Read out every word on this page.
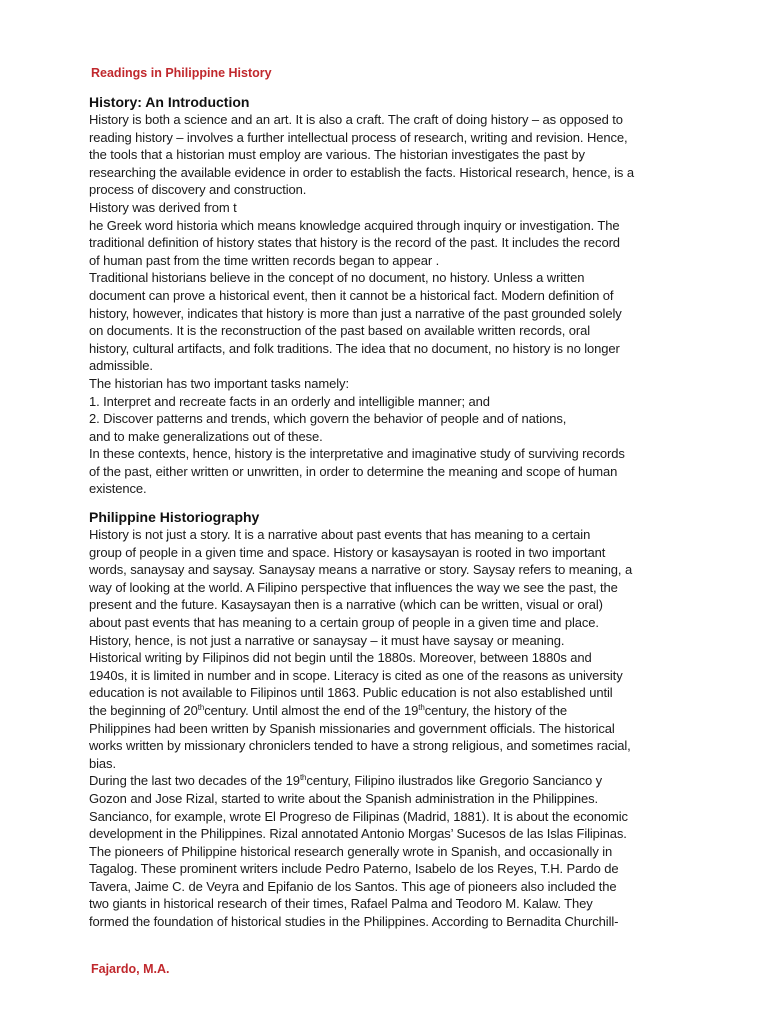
Readings in Philippine History
History: An Introduction
History is both a science and an art. It is also a craft. The craft of doing history – as opposed to
reading history – involves a further intellectual process of research, writing and revision. Hence,
the tools that a historian must employ are various. The historian investigates the past by
researching the available evidence in order to establish the facts. Historical research, hence, is a
process of discovery and construction.
History was derived from t
he Greek word historia which means knowledge acquired through inquiry or investigation. The
traditional definition of history states that history is the record of the past. It includes the record
of human past from the time written records began to appear .
Traditional historians believe in the concept of no document, no history. Unless a written
document can prove a historical event, then it cannot be a historical fact. Modern definition of
history, however, indicates that history is more than just a narrative of the past grounded solely
on documents. It is the reconstruction of the past based on available written records, oral
history, cultural artifacts, and folk traditions. The idea that no document, no history is no longer
admissible.
The historian has two important tasks namely:
1. Interpret and recreate facts in an orderly and intelligible manner; and
2. Discover patterns and trends, which govern the behavior of people and of nations,
and to make generalizations out of these.
In these contexts, hence, history is the interpretative and imaginative study of surviving records
of the past, either written or unwritten, in order to determine the meaning and scope of human
existence.
Philippine Historiography
History is not just a story. It is a narrative about past events that has meaning to a certain
group of people in a given time and space. History or kasaysayan is rooted in two important
words, sanaysay and saysay. Sanaysay means a narrative or story. Saysay refers to meaning, a
way of looking at the world. A Filipino perspective that influences the way we see the past, the
present and the future. Kasaysayan then is a narrative (which can be written, visual or oral)
about past events that has meaning to a certain group of people in a given time and place.
History, hence, is not just a narrative or sanaysay – it must have saysay or meaning.
Historical writing by Filipinos did not begin until the 1880s. Moreover, between 1880s and
1940s, it is limited in number and in scope. Literacy is cited as one of the reasons as university
education is not available to Filipinos until 1863. Public education is not also established until
the beginning of 20thcentury. Until almost the end of the 19thcentury, the history of the
Philippines had been written by Spanish missionaries and government officials. The historical
works written by missionary chroniclers tended to have a strong religious, and sometimes racial,
bias.
During the last two decades of the 19thcentury, Filipino ilustrados like Gregorio Sancianco y
Gozon and Jose Rizal, started to write about the Spanish administration in the Philippines.
Sancianco, for example, wrote El Progreso de Filipinas (Madrid, 1881). It is about the economic
development in the Philippines. Rizal annotated Antonio Morgas’ Sucesos de las Islas Filipinas.
The pioneers of Philippine historical research generally wrote in Spanish, and occasionally in
Tagalog. These prominent writers include Pedro Paterno, Isabelo de los Reyes, T.H. Pardo de
Tavera, Jaime C. de Veyra and Epifanio de los Santos. This age of pioneers also included the
two giants in historical research of their times, Rafael Palma and Teodoro M. Kalaw. They
formed the foundation of historical studies in the Philippines. According to Bernadita Churchill-
Fajardo, M.A.
